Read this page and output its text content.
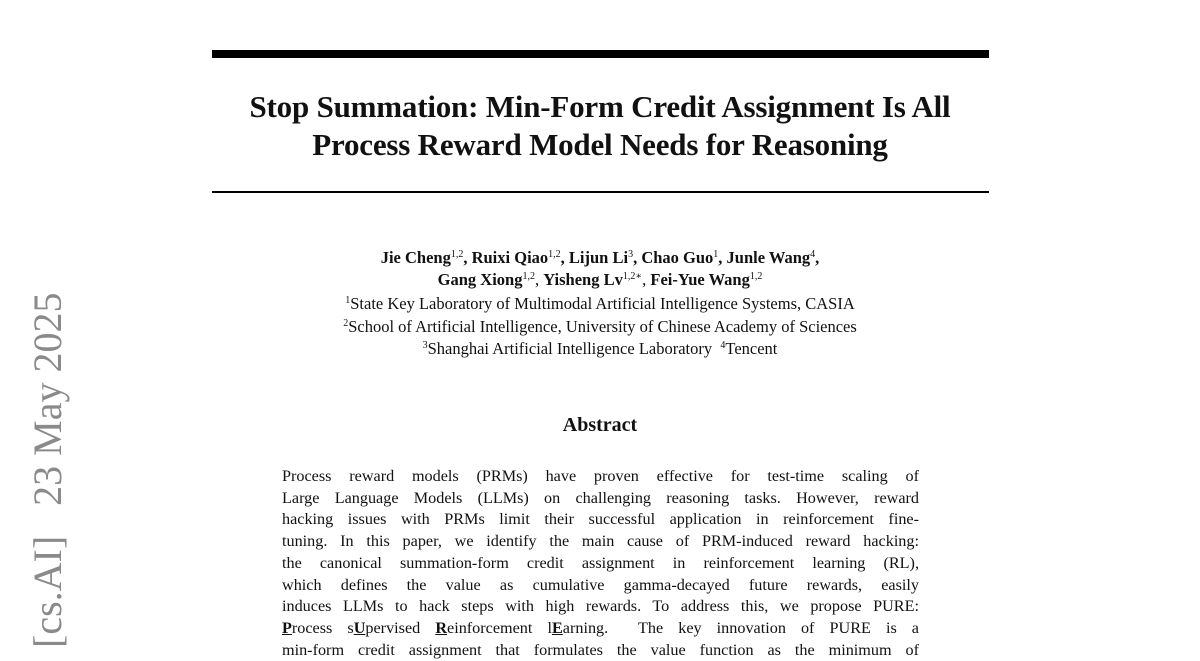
[cs.AI] 23 May 2025
Stop Summation: Min-Form Credit Assignment Is All
Process Reward Model Needs for Reasoning
Jie Cheng$^{1,2}$, Ruixi Qiao$^{1,2}$, Lijun Li$^3$, Chao Guo$^1$, Junle Wang$^4$,
Gang Xiong$^{1,2}$, Yisheng $Lv^{1,2∗}$, Fei-Yue Wang$^{1,2}$
$^1$State Key Laboratory of Multimodal Artificial Intelligence Systems, CASIA
$^2$School of Artificial Intelligence, University of Chinese Academy of Sciences
$^3$Shanghai Artificial Intelligence Laboratory $^4$Tencent
Abstract
Process reward models (PRMs) have proven effective for test-time scaling of
Large Language Models (LLMs) on challenging reasoning tasks. However, reward
hacking issues with PRMs limit their successful application in reinforcement fine-
tuning. In this paper, we identify the main cause of PRM-induced reward hacking:
the canonical summation-form credit assignment in reinforcement learning (RL),
which defines the value as cumulative gamma-decayed future rewards, easily
induces LLMs to hack steps with high rewards. To address this, we propose PURE:
Process sUpervised Reinforcement lEarning. The key innovation of PURE is a
min-form credit assignment that formulates the value function as the minimum of
